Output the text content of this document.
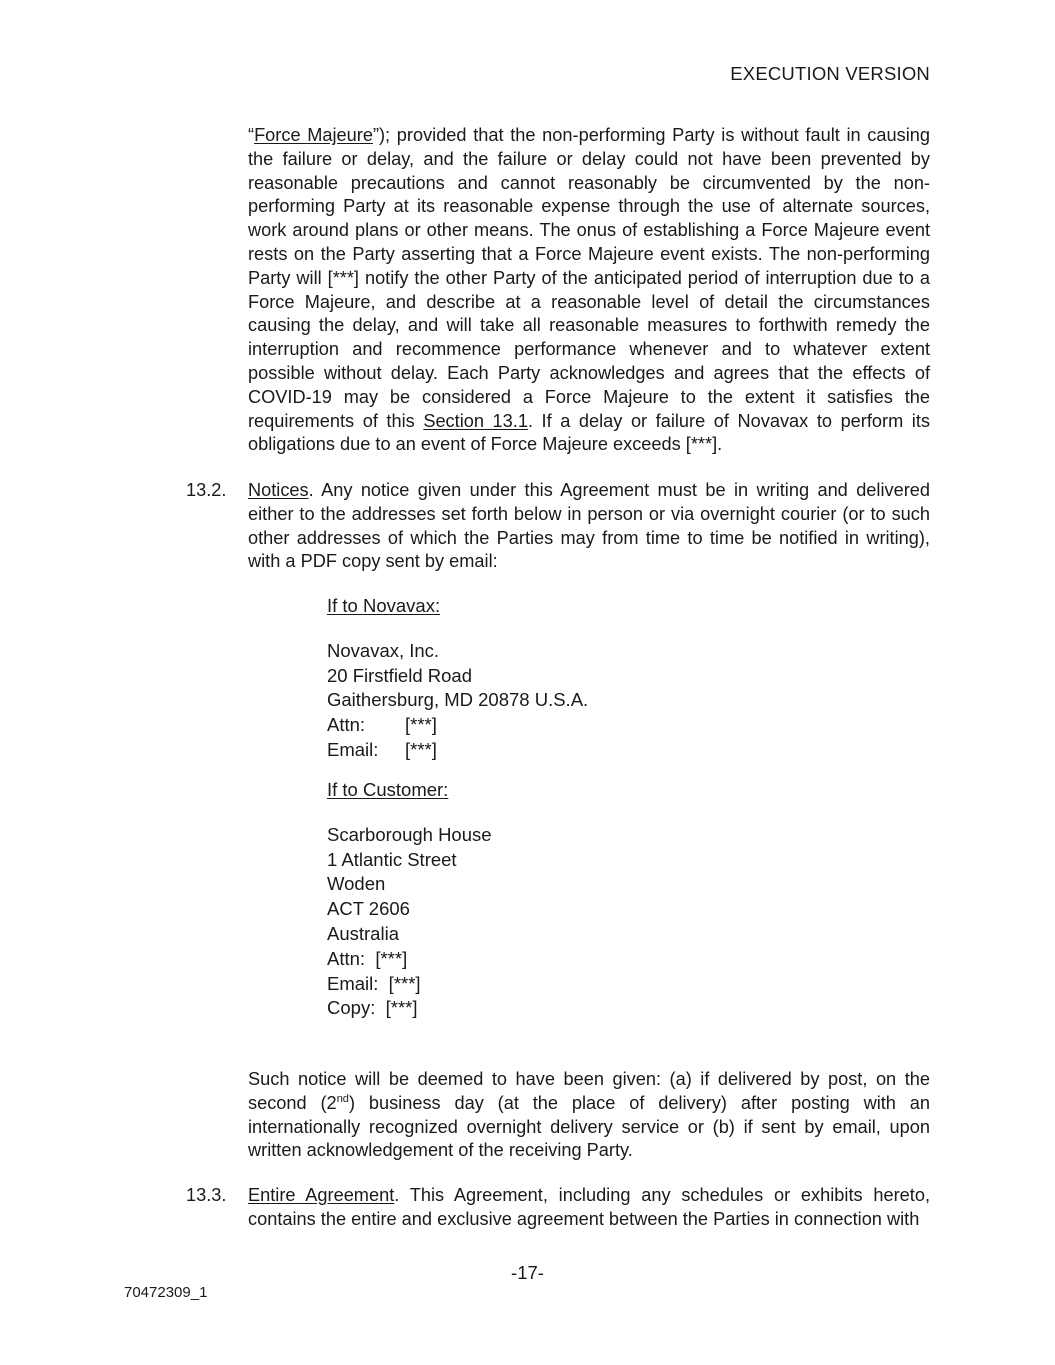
EXECUTION VERSION
“Force Majeure”); provided that the non-performing Party is without fault in causing the failure or delay, and the failure or delay could not have been prevented by reasonable precautions and cannot reasonably be circumvented by the non-performing Party at its reasonable expense through the use of alternate sources, work around plans or other means. The onus of establishing a Force Majeure event rests on the Party asserting that a Force Majeure event exists. The non-performing Party will [***] notify the other Party of the anticipated period of interruption due to a Force Majeure, and describe at a reasonable level of detail the circumstances causing the delay, and will take all reasonable measures to forthwith remedy the interruption and recommence performance whenever and to whatever extent possible without delay. Each Party acknowledges and agrees that the effects of COVID-19 may be considered a Force Majeure to the extent it satisfies the requirements of this Section 13.1. If a delay or failure of Novavax to perform its obligations due to an event of Force Majeure exceeds [***].
13.2. Notices. Any notice given under this Agreement must be in writing and delivered either to the addresses set forth below in person or via overnight courier (or to such other addresses of which the Parties may from time to time be notified in writing), with a PDF copy sent by email:
If to Novavax:
Novavax, Inc.
20 Firstfield Road
Gaithersburg, MD 20878 U.S.A.
Attn: [***]
Email: [***]
If to Customer:
Scarborough House
1 Atlantic Street
Woden
ACT 2606
Australia
Attn:  [***]
Email:  [***]
Copy:  [***]
Such notice will be deemed to have been given: (a) if delivered by post, on the second (2nd) business day (at the place of delivery) after posting with an internationally recognized overnight delivery service or (b) if sent by email, upon written acknowledgement of the receiving Party.
13.3. Entire Agreement. This Agreement, including any schedules or exhibits hereto, contains the entire and exclusive agreement between the Parties in connection with
-17-
70472309_1
